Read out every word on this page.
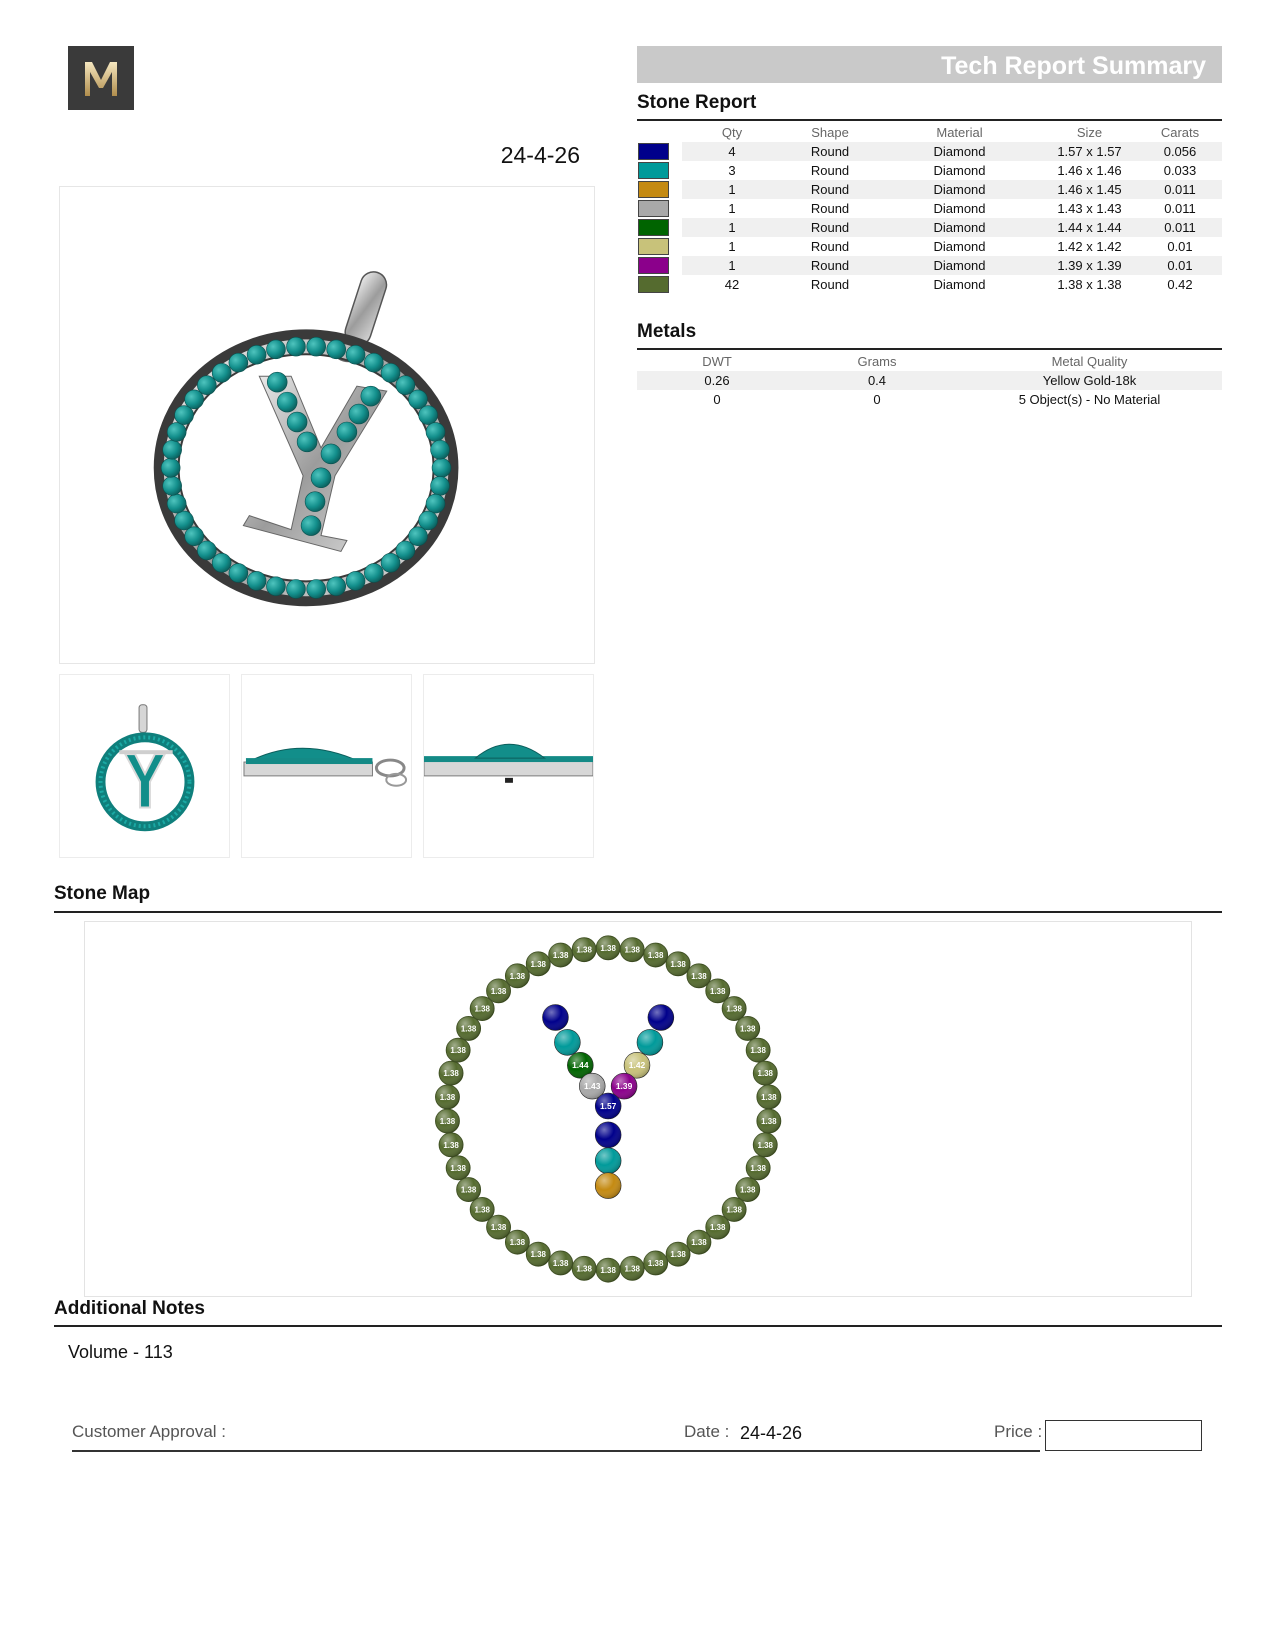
24-4-26
Tech Report Summary
Stone Report
	Qty	Shape	Material	Size	Carats

	4	Round	Diamond	1.57 x 1.57	0.056

	3	Round	Diamond	1.46 x 1.46	0.033

	1	Round	Diamond	1.46 x 1.45	0.011

	1	Round	Diamond	1.43 x 1.43	0.011

	1	Round	Diamond	1.44 x 1.44	0.011

	1	Round	Diamond	1.42 x 1.42	0.01

	1	Round	Diamond	1.39 x 1.39	0.01

	42	Round	Diamond	1.38 x 1.38	0.42
Metals
DWT	Grams	Metal Quality
0.26	0.4	Yellow Gold-18k
0	0	5 Object(s) - No Material
Stone Map
1.38 1.38
1.38
1.38
1.38
1.38
1.38
1.38
1.38
1.38
1.38
1.38
1.38
1.38
1.38
1.38
1.38
1.38
1.38
1.38
1.38
1.38
1.38
1.38
1.38
1.38
1.38
1.38
1.38
1.38
1.38
1.38
1.38
1.38
1.38
1.38
1.38
1.38
1.38
1.38
1.38
1.38
1.44
1.43
1.42
1.39
1.57
Additional Notes
Volume - 113
Customer Approval :	Date : 24-4-26	Price :
